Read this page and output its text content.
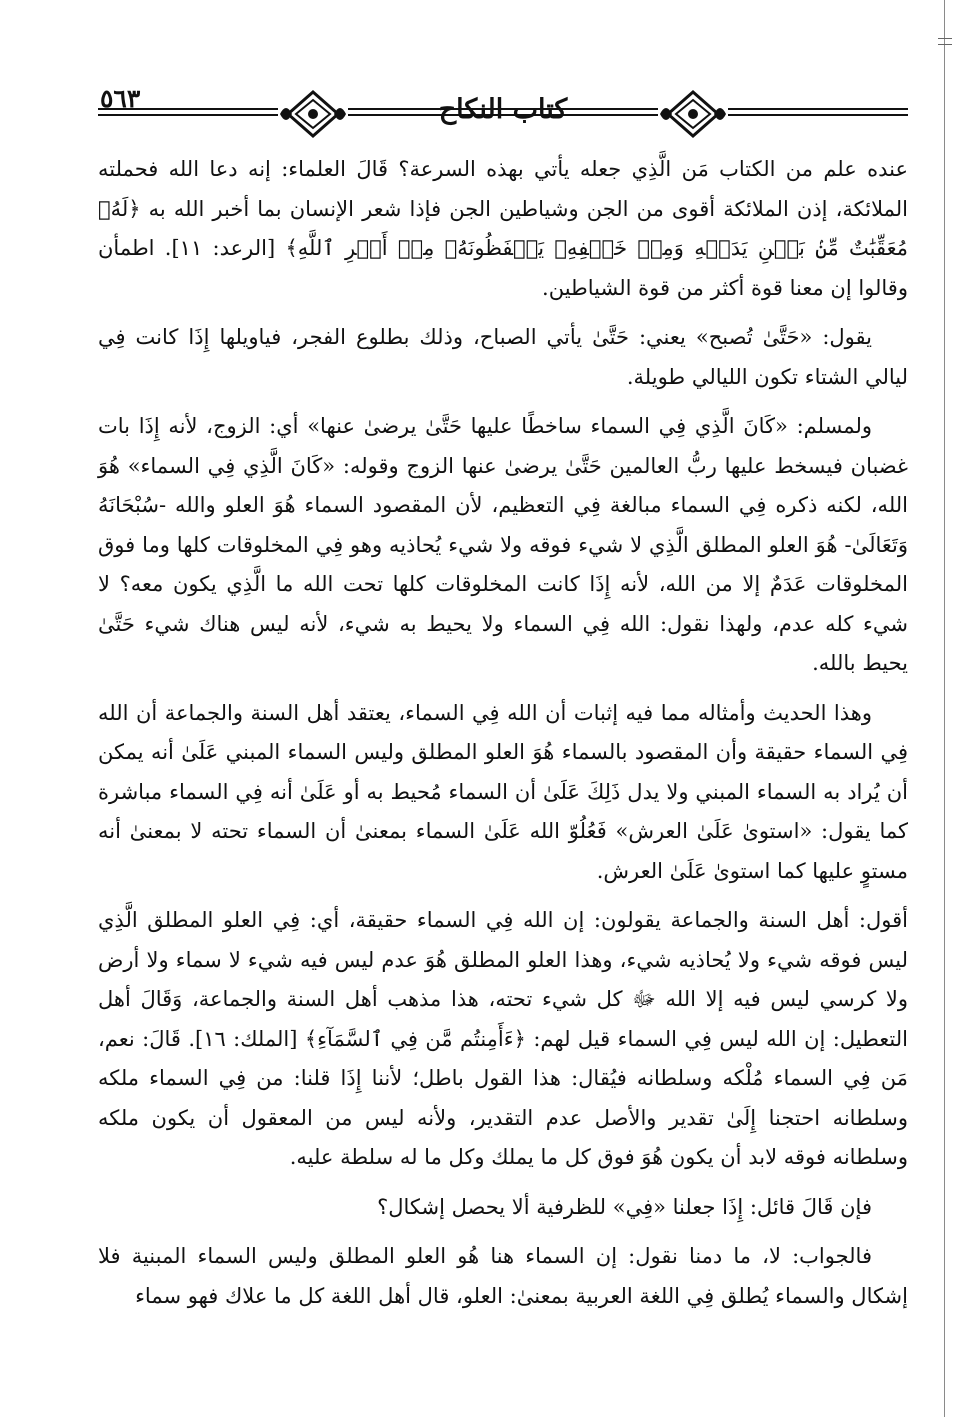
كتاب النكاح
٥٦٣

عنده علم من الكتاب مَن الَّذِي جعله يأتي بهذه السرعة؟ قَالَ العلماء: إنه دعا الله فحملته الملائكة، إذن الملائكة أقوى من الجن وشياطين الجن فإذا شعر الإنسان بما أخبر الله به ﴿لَهُۥ مُعَقِّبَٰتٌ مِّنۢ بَيۡنِ يَدَيۡهِ وَمِنۡ خَلۡفِهِۦ يَحۡفَظُونَهُۥ مِنۡ أَمۡرِ ٱللَّهِ﴾ [الرعد: ١١]. اطمأن وقالوا إن معنا قوة أكثر من قوة الشياطين.

يقول: «حَتَّىٰ تُصبح» يعني: حَتَّىٰ يأتي الصباح، وذلك بطلوع الفجر، فياويلها إِذَا كانت فِي ليالي الشتاء تكون الليالي طويلة.

ولمسلم: «كَانَ الَّذِي فِي السماء ساخطًا عليها حَتَّىٰ يرضىٰ عنها» أي: الزوج، لأنه إِذَا بات غضبان فيسخط عليها ربُّ العالمين حَتَّىٰ يرضىٰ عنها الزوج وقوله: «كَانَ الَّذِي فِي السماء» هُوَ الله، لكنه ذكره فِي السماء مبالغة فِي التعظيم، لأن المقصود السماء هُوَ العلو والله -سُبْحَانَهُ وَتَعَالَىٰ- هُوَ العلو المطلق الَّذِي لا شيء فوقه ولا شيء يُحاذيه وهو فِي المخلوقات كلها وما فوق المخلوقات عَدَمٌ إلا من الله، لأنه إِذَا كانت المخلوقات كلها تحت الله ما الَّذِي يكون معه؟ لا شيء كله عدم، ولهذا نقول: الله فِي السماء ولا يحيط به شيء، لأنه ليس هناك شيء حَتَّىٰ يحيط بالله.

وهذا الحديث وأمثاله مما فيه إثبات أن الله فِي السماء، يعتقد أهل السنة والجماعة أن الله فِي السماء حقيقة وأن المقصود بالسماء هُوَ العلو المطلق وليس السماء المبني عَلَىٰ أنه يمكن أن يُراد به السماء المبني ولا يدل ذَلِكَ عَلَىٰ أن السماء مُحيط به أو عَلَىٰ أنه فِي السماء مباشرة كما يقول: «استوىٰ عَلَىٰ العرش» فَعُلُوّ الله عَلَىٰ السماء بمعنىٰ أن السماء تحته لا بمعنىٰ أنه مستوٍ عليها كما استوىٰ عَلَىٰ العرش.

أقول: أهل السنة والجماعة يقولون: إن الله فِي السماء حقيقة، أي: فِي العلو المطلق الَّذِي ليس فوقه شيء ولا يُحاذيه شيء، وهذا العلو المطلق هُوَ عدم ليس فيه شيء لا سماء ولا أرض ولا كرسي ليس فيه إلا الله ﷻ كل شيء تحته، هذا مذهب أهل السنة والجماعة، وَقَالَ أهل التعطيل: إن الله ليس فِي السماء قيل لهم: ﴿ءَأَمِنتُم مَّن فِي ٱلسَّمَآءِ﴾ [الملك: ١٦]. قَالَ: نعم، مَن فِي السماء مُلْكه وسلطانه فيُقال: هذا القول باطل؛ لأننا إِذَا قلنا: من فِي السماء ملكه وسلطانه احتجنا إِلَىٰ تقدير والأصل عدم التقدير، ولأنه ليس من المعقول أن يكون ملكه وسلطانه فوقه لابد أن يكون هُوَ فوق كل ما يملك وكل ما له سلطة عليه.

فإن قَالَ قائل: إِذَا جعلنا «فِي» للظرفية ألا يحصل إشكال؟

فالجواب: لا، ما دمنا نقول: إن السماء هنا هُو العلو المطلق وليس السماء المبنية فلا إشكال والسماء يُطلق فِي اللغة العربية بمعنىٰ: العلو، قال أهل اللغة كل ما علاك فهو سماء
